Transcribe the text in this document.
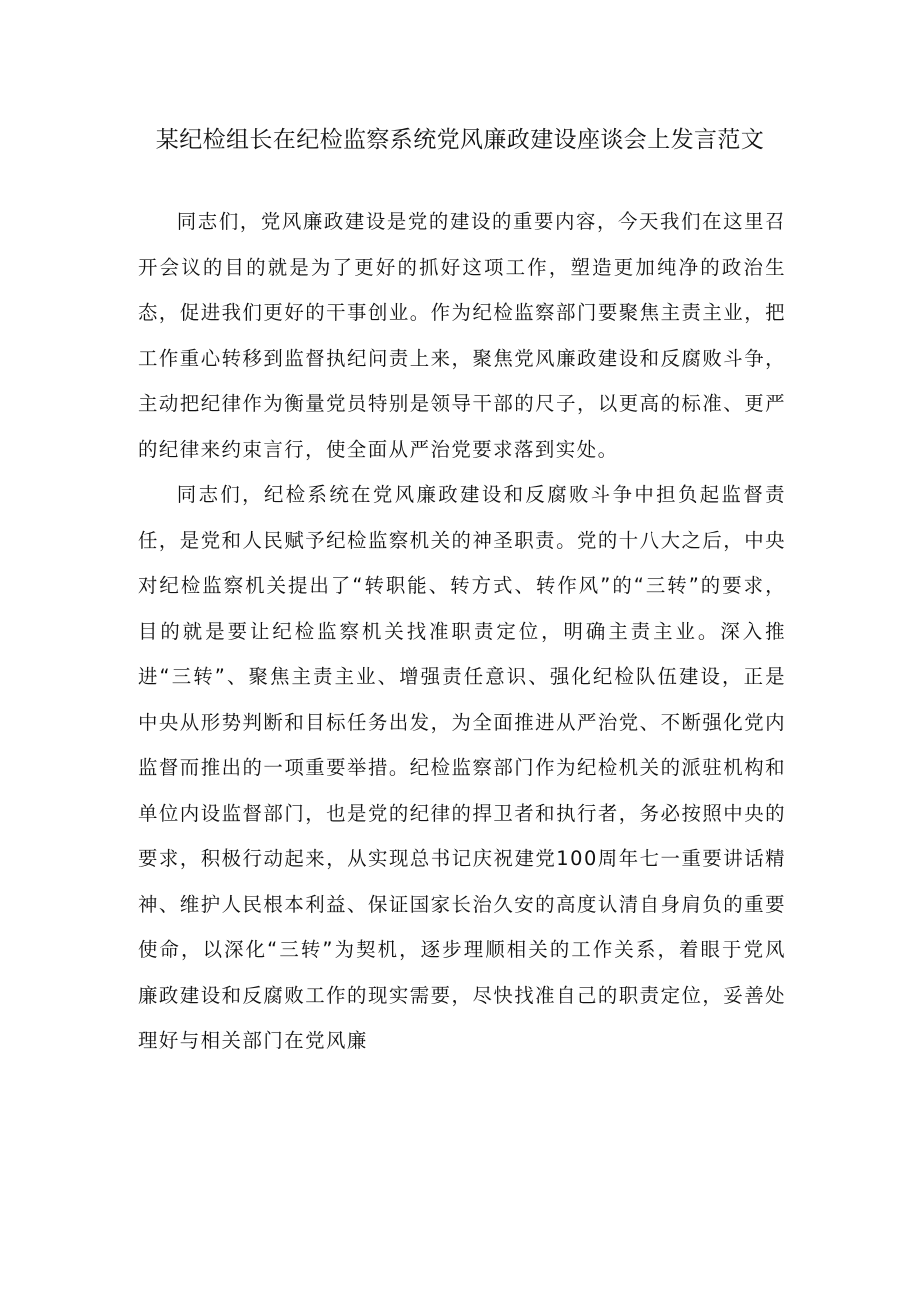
某纪检组长在纪检监察系统党风廉政建设座谈会上发言范文

同志们，党风廉政建设是党的建设的重要内容，今天我们在这里召开会议的目的就是为了更好的抓好这项工作，塑造更加纯净的政治生态，促进我们更好的干事创业。作为纪检监察部门要聚焦主责主业，把工作重心转移到监督执纪问责上来，聚焦党风廉政建设和反腐败斗争，主动把纪律作为衡量党员特别是领导干部的尺子，以更高的标准、更严的纪律来约束言行，使全面从严治党要求落到实处。

同志们，纪检系统在党风廉政建设和反腐败斗争中担负起监督责任，是党和人民赋予纪检监察机关的神圣职责。党的十八大之后，中央对纪检监察机关提出了“转职能、转方式、转作风”的“三转”的要求，目的就是要让纪检监察机关找准职责定位，明确主责主业。深入推进“三转”、聚焦主责主业、增强责任意识、强化纪检队伍建设，正是中央从形势判断和目标任务出发，为全面推进从严治党、不断强化党内监督而推出的一项重要举措。纪检监察部门作为纪检机关的派驻机构和单位内设监督部门，也是党的纪律的捍卫者和执行者，务必按照中央的要求，积极行动起来，从实现总书记庆祝建党100周年七一重要讲话精神、维护人民根本利益、保证国家长治久安的高度认清自身肩负的重要使命，以深化“三转”为契机，逐步理顺相关的工作关系，着眼于党风廉政建设和反腐败工作的现实需要，尽快找准自己的职责定位，妥善处理好与相关部门在党风廉
